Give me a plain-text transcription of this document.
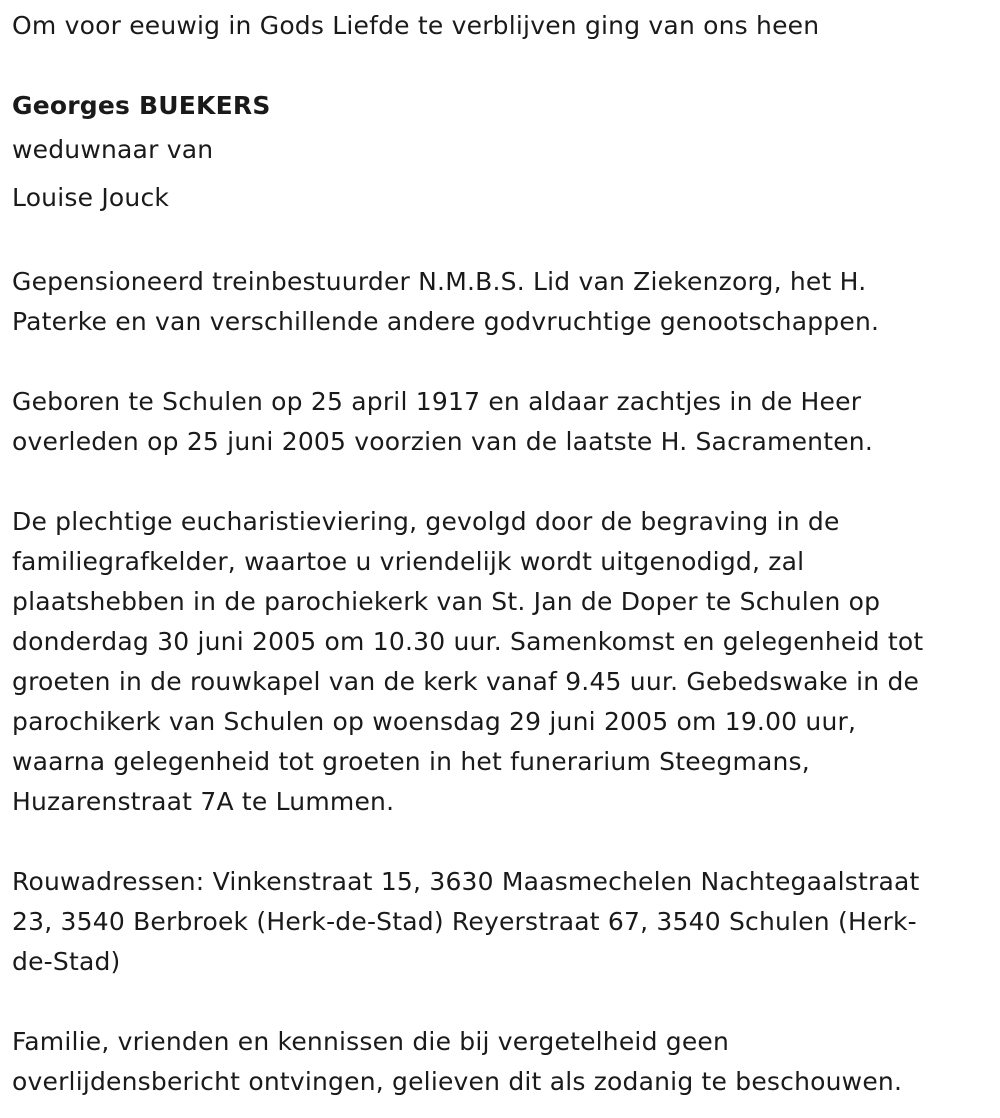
Om voor eeuwig in Gods Liefde te verblijven ging van ons heen

Georges BUEKERS

weduwnaar van

Louise Jouck

Gepensioneerd treinbestuurder N.M.B.S. Lid van Ziekenzorg, het H.

Paterke en van verschillende andere godvruchtige genootschappen.

Geboren te Schulen op 25 april 1917 en aldaar zachtjes in de Heer

overleden op 25 juni 2005 voorzien van de laatste H. Sacramenten.

De plechtige eucharistieviering, gevolgd door de begraving in de

familiegrafkelder, waartoe u vriendelijk wordt uitgenodigd, zal

plaatshebben in de parochiekerk van St. Jan de Doper te Schulen op

donderdag 30 juni 2005 om 10.30 uur. Samenkomst en gelegenheid tot

groeten in de rouwkapel van de kerk vanaf 9.45 uur. Gebedswake in de

parochikerk van Schulen op woensdag 29 juni 2005 om 19.00 uur,

waarna gelegenheid tot groeten in het funerarium Steegmans,

Huzarenstraat 7A te Lummen.

Rouwadressen: Vinkenstraat 15, 3630 Maasmechelen Nachtegaalstraat

23, 3540 Berbroek (Herk-de-Stad) Reyerstraat 67, 3540 Schulen (Herk-

de-Stad)

Familie, vrienden en kennissen die bij vergetelheid geen

overlijdensbericht ontvingen, gelieven dit als zodanig te beschouwen.
